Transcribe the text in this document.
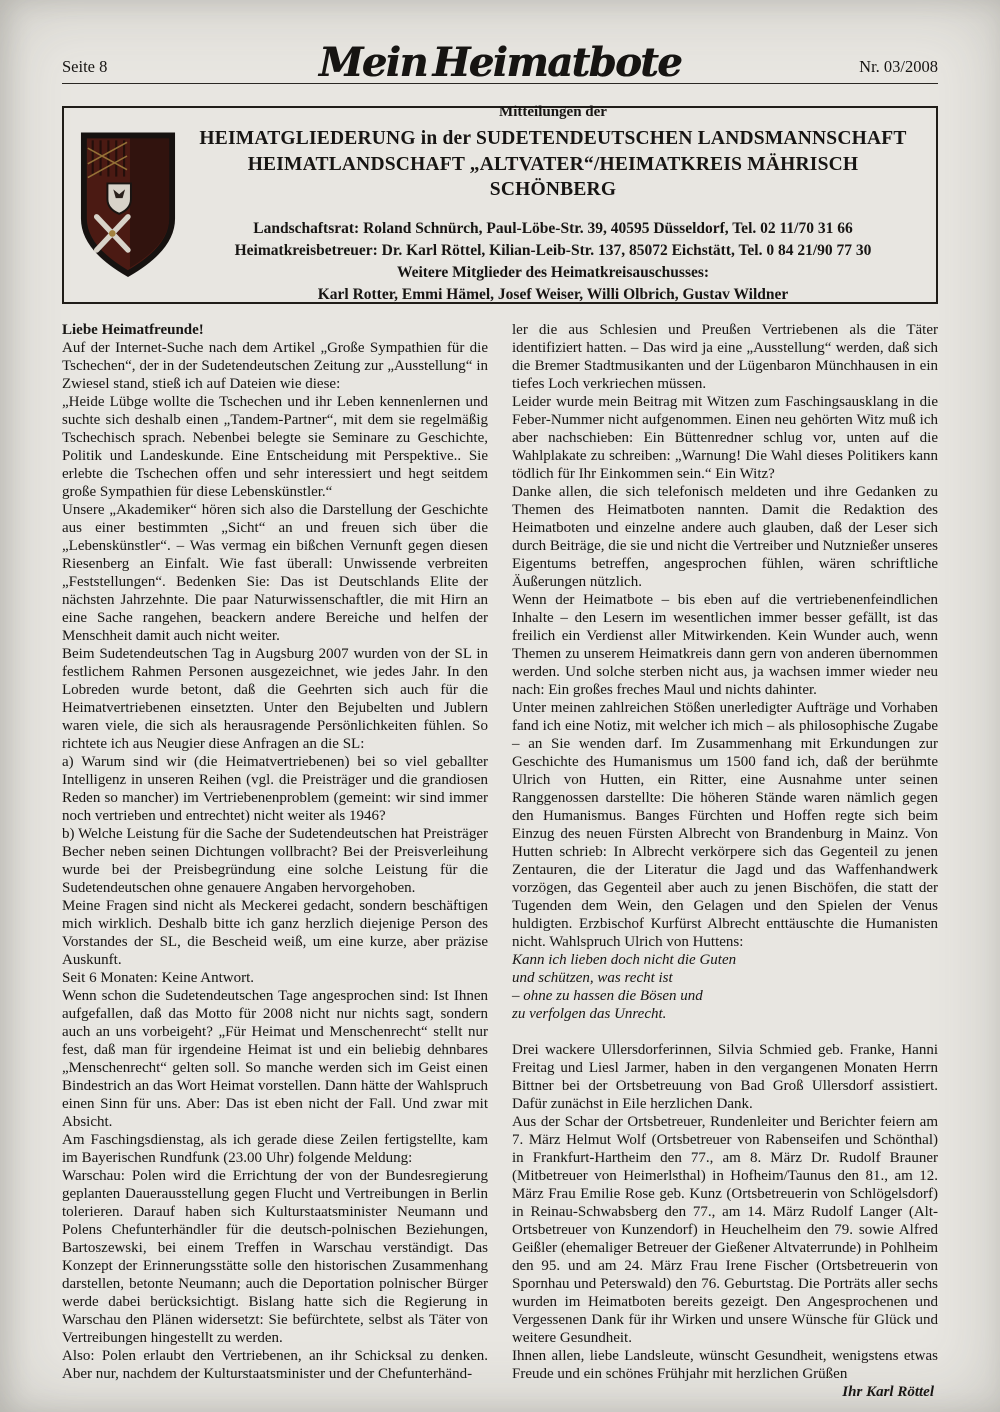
Seite 8	Mein Heimatbote	Nr. 03/2008
Mitteilungen der
HEIMATGLIEDERUNG in der SUDETENDEUTSCHEN LANDSMANNSCHAFT
HEIMATLANDSCHAFT „ALTVATER“/HEIMATKREIS MÄHRISCH SCHÖNBERG
Landschaftsrat: Roland Schnürch, Paul-Löbe-Str. 39, 40595 Düsseldorf, Tel. 02 11/70 31 66
Heimatkreisbetreuer: Dr. Karl Röttel, Kilian-Leib-Str. 137, 85072 Eichstätt, Tel. 0 84 21/90 77 30
Weitere Mitglieder des Heimatkreisauschusses:
Karl Rotter, Emmi Hämel, Josef Weiser, Willi Olbrich, Gustav Wildner

Liebe Heimatfreunde!

Auf der Internet-Suche nach dem Artikel „Große Sympathien für die Tschechen“, der in der Sudetendeutschen Zeitung zur „Ausstellung“ in Zwiesel stand, stieß ich auf Dateien wie diese:

„Heide Lübge wollte die Tschechen und ihr Leben kennenlernen und suchte sich deshalb einen „Tandem-Partner“, mit dem sie regelmäßig Tschechisch sprach. Nebenbei belegte sie Seminare zu Geschichte, Politik und Landeskunde. Eine Entscheidung mit Perspektive.. Sie erlebte die Tschechen offen und sehr interessiert und hegt seitdem große Sympathien für diese Lebenskünstler.“

Unsere „Akademiker“ hören sich also die Darstellung der Geschichte aus einer bestimmten „Sicht“ an und freuen sich über die „Lebenskünstler“. – Was vermag ein bißchen Vernunft gegen diesen Riesenberg an Einfalt. Wie fast überall: Unwissende verbreiten „Feststellungen“. Bedenken Sie: Das ist Deutschlands Elite der nächsten Jahrzehnte. Die paar Naturwissenschaftler, die mit Hirn an eine Sache rangehen, beackern andere Bereiche und helfen der Menschheit damit auch nicht weiter.

Beim Sudetendeutschen Tag in Augsburg 2007 wurden von der SL in festlichem Rahmen Personen ausgezeichnet, wie jedes Jahr. In den Lobreden wurde betont, daß die Geehrten sich auch für die Heimatvertriebenen einsetzten. Unter den Bejubelten und Jublern waren viele, die sich als herausragende Persönlichkeiten fühlen. So richtete ich aus Neugier diese Anfragen an die SL:

a) Warum sind wir (die Heimatvertriebenen) bei so viel geballter Intelligenz in unseren Reihen (vgl. die Preisträger und die grandiosen Reden so mancher) im Vertriebenenproblem (gemeint: wir sind immer noch vertrieben und entrechtet) nicht weiter als 1946?

b) Welche Leistung für die Sache der Sudetendeutschen hat Preisträger Becher neben seinen Dichtungen vollbracht? Bei der Preisverleihung wurde bei der Preisbegründung eine solche Leistung für die Sudetendeutschen ohne genauere Angaben hervorgehoben.

Meine Fragen sind nicht als Meckerei gedacht, sondern beschäftigen mich wirklich. Deshalb bitte ich ganz herzlich diejenige Person des Vorstandes der SL, die Bescheid weiß, um eine kurze, aber präzise Auskunft.

Seit 6 Monaten: Keine Antwort.

Wenn schon die Sudetendeutschen Tage angesprochen sind: Ist Ihnen aufgefallen, daß das Motto für 2008 nicht nur nichts sagt, sondern auch an uns vorbeigeht? „Für Heimat und Menschenrecht“ stellt nur fest, daß man für irgendeine Heimat ist und ein beliebig dehnbares „Menschenrecht“ gelten soll. So manche werden sich im Geist einen Bindestrich an das Wort Heimat vorstellen. Dann hätte der Wahlspruch einen Sinn für uns. Aber: Das ist eben nicht der Fall. Und zwar mit Absicht.

Am Faschingsdienstag, als ich gerade diese Zeilen fertigstellte, kam im Bayerischen Rundfunk (23.00 Uhr) folgende Meldung:

Warschau: Polen wird die Errichtung der von der Bundesregierung geplanten Dauerausstellung gegen Flucht und Vertreibungen in Berlin tolerieren. Darauf haben sich Kulturstaatsminister Neumann und Polens Chefunterhändler für die deutsch-polnischen Beziehungen, Bartoszewski, bei einem Treffen in Warschau verständigt. Das Konzept der Erinnerungsstätte solle den historischen Zusammenhang darstellen, betonte Neumann; auch die Deportation polnischer Bürger werde dabei berücksichtigt. Bislang hatte sich die Regierung in Warschau den Plänen widersetzt: Sie befürchtete, selbst als Täter von Vertreibungen hingestellt zu werden.

Also: Polen erlaubt den Vertriebenen, an ihr Schicksal zu denken. Aber nur, nachdem der Kulturstaatsminister und der Chefunterhänd-

ler die aus Schlesien und Preußen Vertriebenen als die Täter identifiziert hatten. – Das wird ja eine „Ausstellung“ werden, daß sich die Bremer Stadtmusikanten und der Lügenbaron Münchhausen in ein tiefes Loch verkriechen müssen.

Leider wurde mein Beitrag mit Witzen zum Faschingsausklang in die Feber-Nummer nicht aufgenommen. Einen neu gehörten Witz muß ich aber nachschieben: Ein Büttenredner schlug vor, unten auf die Wahlplakate zu schreiben: „Warnung! Die Wahl dieses Politikers kann tödlich für Ihr Einkommen sein.“ Ein Witz?

Danke allen, die sich telefonisch meldeten und ihre Gedanken zu Themen des Heimatboten nannten. Damit die Redaktion des Heimatboten und einzelne andere auch glauben, daß der Leser sich durch Beiträge, die sie und nicht die Vertreiber und Nutznießer unseres Eigentums betreffen, angesprochen fühlen, wären schriftliche Äußerungen nützlich.

Wenn der Heimatbote – bis eben auf die vertriebenenfeindlichen Inhalte – den Lesern im wesentlichen immer besser gefällt, ist das freilich ein Verdienst aller Mitwirkenden. Kein Wunder auch, wenn Themen zu unserem Heimatkreis dann gern von anderen übernommen werden. Und solche sterben nicht aus, ja wachsen immer wieder neu nach: Ein großes freches Maul und nichts dahinter.

Unter meinen zahlreichen Stößen unerledigter Aufträge und Vorhaben fand ich eine Notiz, mit welcher ich mich – als philosophische Zugabe – an Sie wenden darf. Im Zusammenhang mit Erkundungen zur Geschichte des Humanismus um 1500 fand ich, daß der berühmte Ulrich von Hutten, ein Ritter, eine Ausnahme unter seinen Ranggenossen darstellte: Die höheren Stände waren nämlich gegen den Humanismus. Banges Fürchten und Hoffen regte sich beim Einzug des neuen Fürsten Albrecht von Brandenburg in Mainz. Von Hutten schrieb: In Albrecht verkörpere sich das Gegenteil zu jenen Zentauren, die der Literatur die Jagd und das Waffenhandwerk vorzögen, das Gegenteil aber auch zu jenen Bischöfen, die statt der Tugenden dem Wein, den Gelagen und den Spielen der Venus huldigten. Erzbischof Kurfürst Albrecht enttäuschte die Humanisten nicht. Wahlspruch Ulrich von Huttens:

Kann ich lieben doch nicht die Guten

und schützen, was recht ist

– ohne zu hassen die Bösen und

zu verfolgen das Unrecht.

Drei wackere Ullersdorferinnen, Silvia Schmied geb. Franke, Hanni Freitag und Liesl Jarmer, haben in den vergangenen Monaten Herrn Bittner bei der Ortsbetreuung von Bad Groß Ullersdorf assistiert. Dafür zunächst in Eile herzlichen Dank.

Aus der Schar der Ortsbetreuer, Rundenleiter und Berichter feiern am 7. März Helmut Wolf (Ortsbetreuer von Rabenseifen und Schönthal) in Frankfurt-Hartheim den 77., am 8. März Dr. Rudolf Brauner (Mitbetreuer von Heimerlsthal) in Hofheim/Taunus den 81., am 12. März Frau Emilie Rose geb. Kunz (Ortsbetreuerin von Schlögelsdorf) in Reinau-Schwabsberg den 77., am 14. März Rudolf Langer (Alt-Ortsbetreuer von Kunzendorf) in Heuchelheim den 79. sowie Alfred Geißler (ehemaliger Betreuer der Gießener Altvaterrunde) in Pohlheim den 95. und am 24. März Frau Irene Fischer (Ortsbetreuerin von Spornhau und Peterswald) den 76. Geburtstag. Die Porträts aller sechs wurden im Heimatboten bereits gezeigt. Den Angesprochenen und Vergessenen Dank für ihr Wirken und unsere Wünsche für Glück und weitere Gesundheit.

Ihnen allen, liebe Landsleute, wünscht Gesundheit, wenigstens etwas Freude und ein schönes Frühjahr mit herzlichen Grüßen

Ihr Karl Röttel
